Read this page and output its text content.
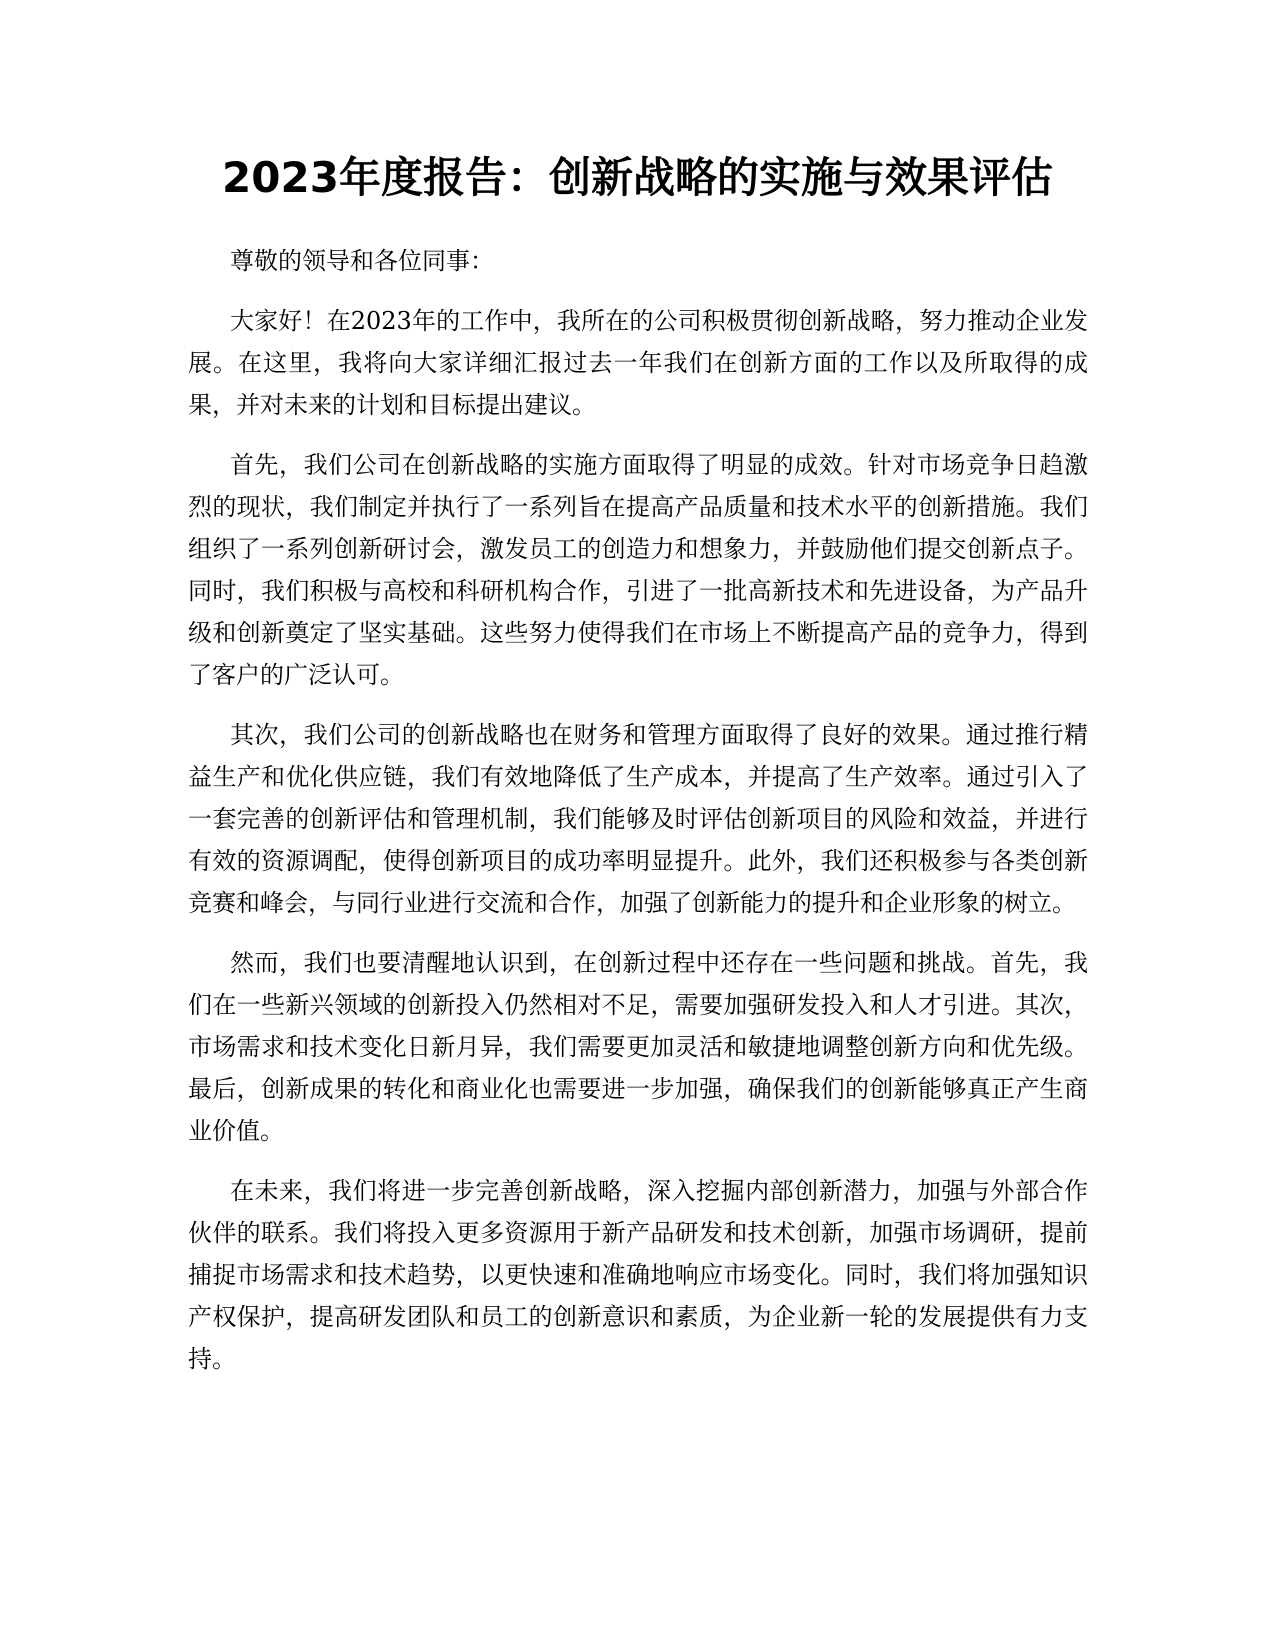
2023年度报告：创新战略的实施与效果评估

尊敬的领导和各位同事：

大家好！在2023年的工作中，我所在的公司积极贯彻创新战略，努力推动企业发展。在这里，我将向大家详细汇报过去一年我们在创新方面的工作以及所取得的成果，并对未来的计划和目标提出建议。

首先，我们公司在创新战略的实施方面取得了明显的成效。针对市场竞争日趋激烈的现状，我们制定并执行了一系列旨在提高产品质量和技术水平的创新措施。我们组织了一系列创新研讨会，激发员工的创造力和想象力，并鼓励他们提交创新点子。同时，我们积极与高校和科研机构合作，引进了一批高新技术和先进设备，为产品升级和创新奠定了坚实基础。这些努力使得我们在市场上不断提高产品的竞争力，得到了客户的广泛认可。

其次，我们公司的创新战略也在财务和管理方面取得了良好的效果。通过推行精益生产和优化供应链，我们有效地降低了生产成本，并提高了生产效率。通过引入了一套完善的创新评估和管理机制，我们能够及时评估创新项目的风险和效益，并进行有效的资源调配，使得创新项目的成功率明显提升。此外，我们还积极参与各类创新竞赛和峰会，与同行业进行交流和合作，加强了创新能力的提升和企业形象的树立。

然而，我们也要清醒地认识到，在创新过程中还存在一些问题和挑战。首先，我们在一些新兴领域的创新投入仍然相对不足，需要加强研发投入和人才引进。其次，市场需求和技术变化日新月异，我们需要更加灵活和敏捷地调整创新方向和优先级。最后，创新成果的转化和商业化也需要进一步加强，确保我们的创新能够真正产生商业价值。

在未来，我们将进一步完善创新战略，深入挖掘内部创新潜力，加强与外部合作伙伴的联系。我们将投入更多资源用于新产品研发和技术创新，加强市场调研，提前捕捉市场需求和技术趋势，以更快速和准确地响应市场变化。同时，我们将加强知识产权保护，提高研发团队和员工的创新意识和素质，为企业新一轮的发展提供有力支持。
